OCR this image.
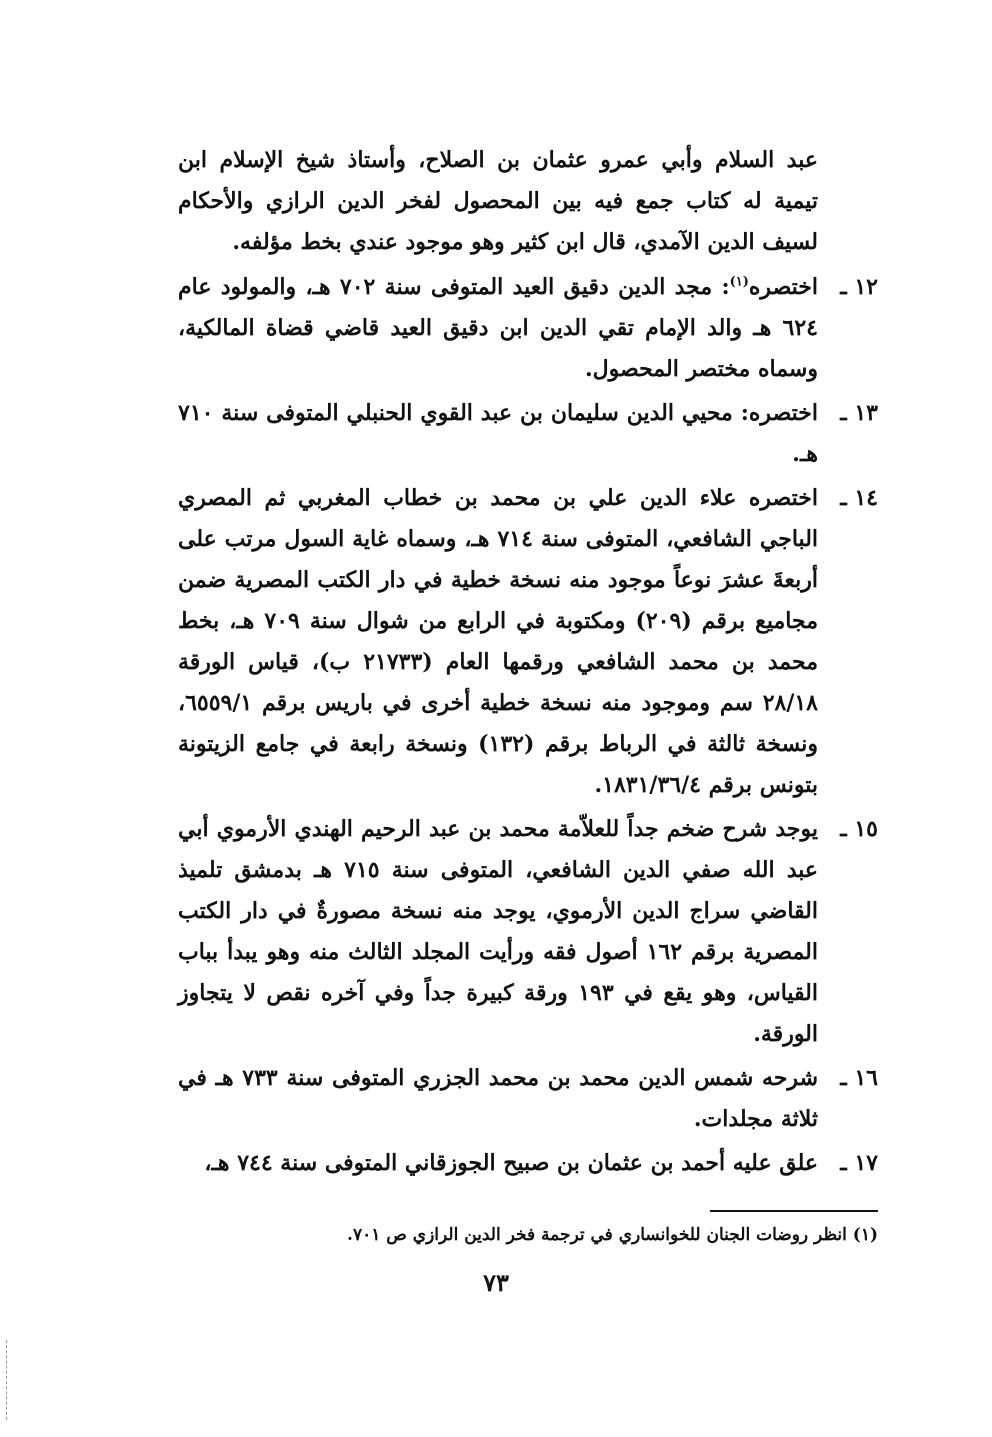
عبد السلام وأبي عمرو عثمان بن الصلاح، وأستاذ شيخ الإسلام ابن تيمية له كتاب جمع فيه بين المحصول لفخر الدين الرازي والأحكام لسيف الدين الآمدي، قال ابن كثير وهو موجود عندي بخط مؤلفه.

١٢ ـ
اختصره$^{(١)}$: مجد الدين دقيق العيد المتوفى سنة ٧٠٢ هـ، والمولود عام ٦٢٤ هـ والد الإمام تقي الدين ابن دقيق العيد قاضي قضاة المالكية، وسماه مختصر المحصول.
١٣ ـ
اختصره: محيي الدين سليمان بن عبد القوي الحنبلي المتوفى سنة ٧١٠ هـ.
١٤ ـ
اختصره علاء الدين علي بن محمد بن خطاب المغربي ثم المصري الباجي الشافعي، المتوفى سنة ٧١٤ هـ، وسماه غاية السول مرتب على أربعةَ عشرَ نوعاً موجود منه نسخة خطية في دار الكتب المصرية ضمن مجاميع برقم (٢٠٩) ومكتوبة في الرابع من شوال سنة ٧٠٩ هـ، بخط محمد بن محمد الشافعي ورقمها العام (٢١٧٣٣ ب)، قياس الورقة ٢٨/١٨ سم وموجود منه نسخة خطية أخرى في باريس برقم ٦٥٥٩/١، ونسخة ثالثة في الرباط برقم (١٣٢) ونسخة رابعة في جامع الزيتونة بتونس برقم ١٨٣١/٣٦/٤.
١٥ ـ
يوجد شرح ضخم جداً للعلاّمة محمد بن عبد الرحيم الهندي الأرموي أبي عبد الله صفي الدين الشافعي، المتوفى سنة ٧١٥ هـ بدمشق تلميذ القاضي سراج الدين الأرموي، يوجد منه نسخة مصورةٌ في دار الكتب المصرية برقم ١٦٢ أصول فقه ورأيت المجلد الثالث منه وهو يبدأ بباب القياس، وهو يقع في ١٩٣ ورقة كبيرة جداً وفي آخره نقص لا يتجاوز الورقة.
١٦ ـ
شرحه شمس الدين محمد بن محمد الجزري المتوفى سنة ٧٣٣ هـ في ثلاثة مجلدات.
١٧ ـ
علق عليه أحمد بن عثمان بن صبيح الجوزقاني المتوفى سنة ٧٤٤ هـ،
(١) انظر روضات الجنان للخوانساري في ترجمة فخر الدين الرازي ص ٧٠١.
٧٣
